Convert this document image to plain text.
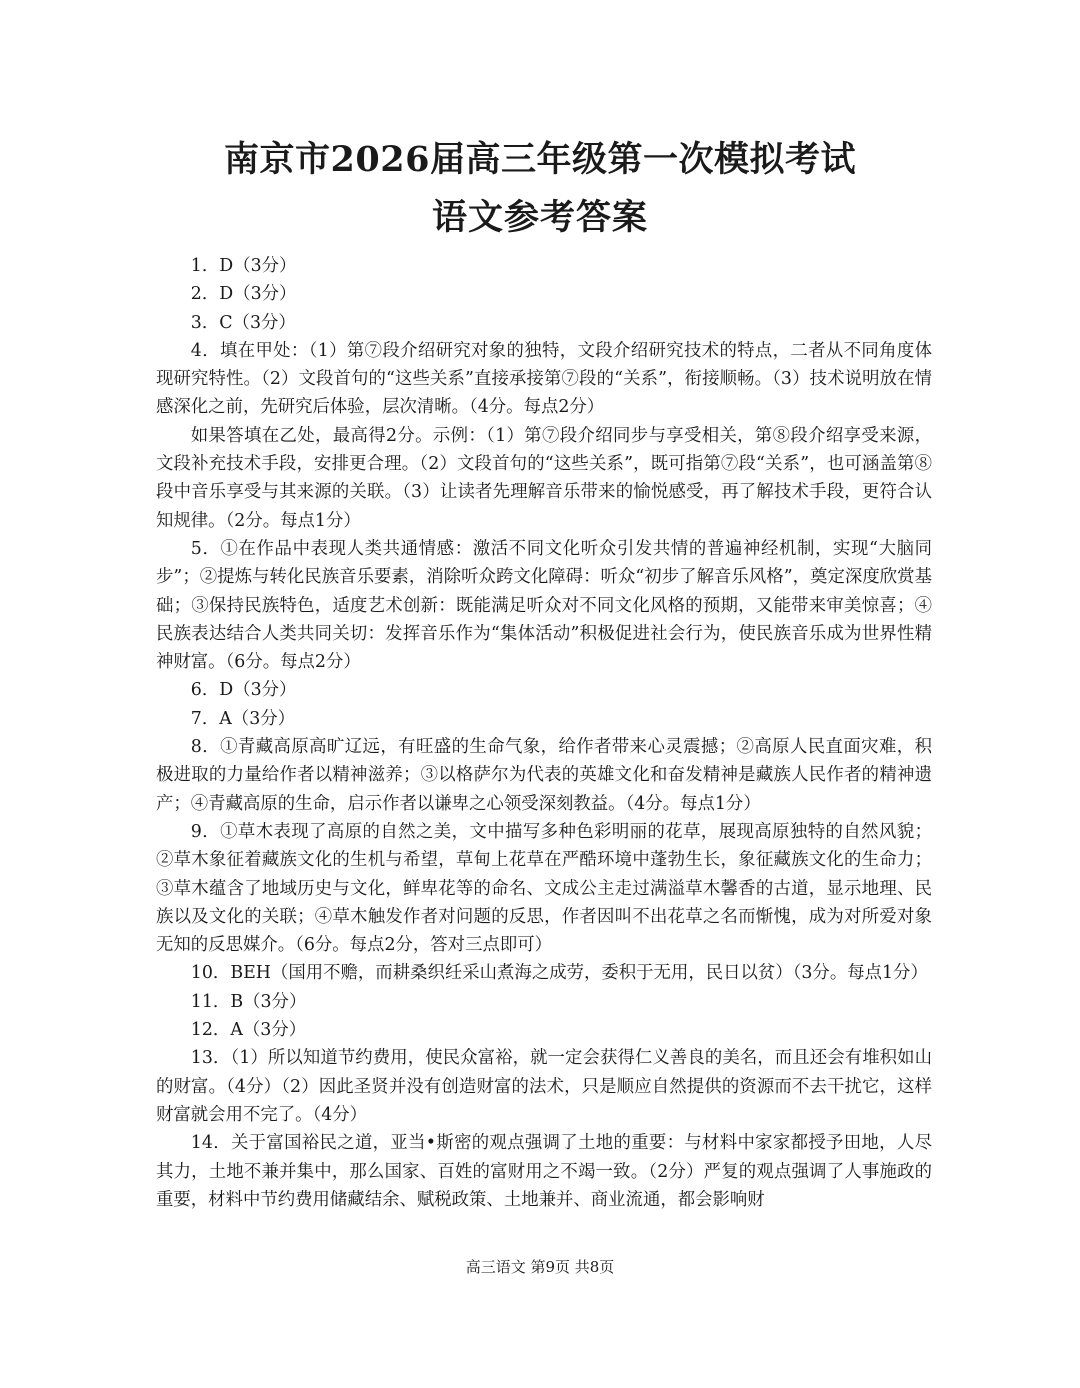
南京市2026届高三年级第一次模拟考试
语文参考答案

1．D（3分）

2．D（3分）

3．C（3分）

4．填在甲处：（1）第⑦段介绍研究对象的独特，文段介绍研究技术的特点，二者从不同角度体现研究特性。（2）文段首句的“这些关系”直接承接第⑦段的“关系”，衔接顺畅。（3）技术说明放在情感深化之前，先研究后体验，层次清晰。（4分。每点2分）

如果答填在乙处，最高得2分。示例：（1）第⑦段介绍同步与享受相关，第⑧段介绍享受来源，文段补充技术手段，安排更合理。（2）文段首句的“这些关系”，既可指第⑦段“关系”，也可涵盖第⑧段中音乐享受与其来源的关联。（3）让读者先理解音乐带来的愉悦感受，再了解技术手段，更符合认知规律。（2分。每点1分）

5．①在作品中表现人类共通情感：激活不同文化听众引发共情的普遍神经机制，实现“大脑同步”；②提炼与转化民族音乐要素，消除听众跨文化障碍：听众“初步了解音乐风格”，奠定深度欣赏基础；③保持民族特色，适度艺术创新：既能满足听众对不同文化风格的预期，又能带来审美惊喜；④民族表达结合人类共同关切：发挥音乐作为“集体活动”积极促进社会行为，使民族音乐成为世界性精神财富。（6分。每点2分）

6．D（3分）

7．A（3分）

8．①青藏高原高旷辽远，有旺盛的生命气象，给作者带来心灵震撼；②高原人民直面灾难，积极进取的力量给作者以精神滋养；③以格萨尔为代表的英雄文化和奋发精神是藏族人民作者的精神遗产；④青藏高原的生命，启示作者以谦卑之心领受深刻教益。（4分。每点1分）

9．①草木表现了高原的自然之美，文中描写多种色彩明丽的花草，展现高原独特的自然风貌；②草木象征着藏族文化的生机与希望，草甸上花草在严酷环境中蓬勃生长，象征藏族文化的生命力；③草木蕴含了地域历史与文化，鲜卑花等的命名、文成公主走过满溢草木馨香的古道，显示地理、民族以及文化的关联；④草木触发作者对问题的反思，作者因叫不出花草之名而惭愧，成为对所爱对象无知的反思媒介。（6分。每点2分，答对三点即可）

10．BEH（国用不赡，而耕桑织纴采山煮海之成劳，委积于无用，民日以贫）（3分。每点1分）

11．B（3分）

12．A（3分）

13．（1）所以知道节约费用，使民众富裕，就一定会获得仁义善良的美名，而且还会有堆积如山的财富。（4分）（2）因此圣贤并没有创造财富的法术，只是顺应自然提供的资源而不去干扰它，这样财富就会用不完了。（4分）

14．关于富国裕民之道，亚当•斯密的观点强调了土地的重要：与材料中家家都授予田地，人尽其力，土地不兼并集中，那么国家、百姓的富财用之不竭一致。（2分）严复的观点强调了人事施政的重要，材料中节约费用储藏结余、赋税政策、土地兼并、商业流通，都会影响财

高三语文 第9页 共8页
